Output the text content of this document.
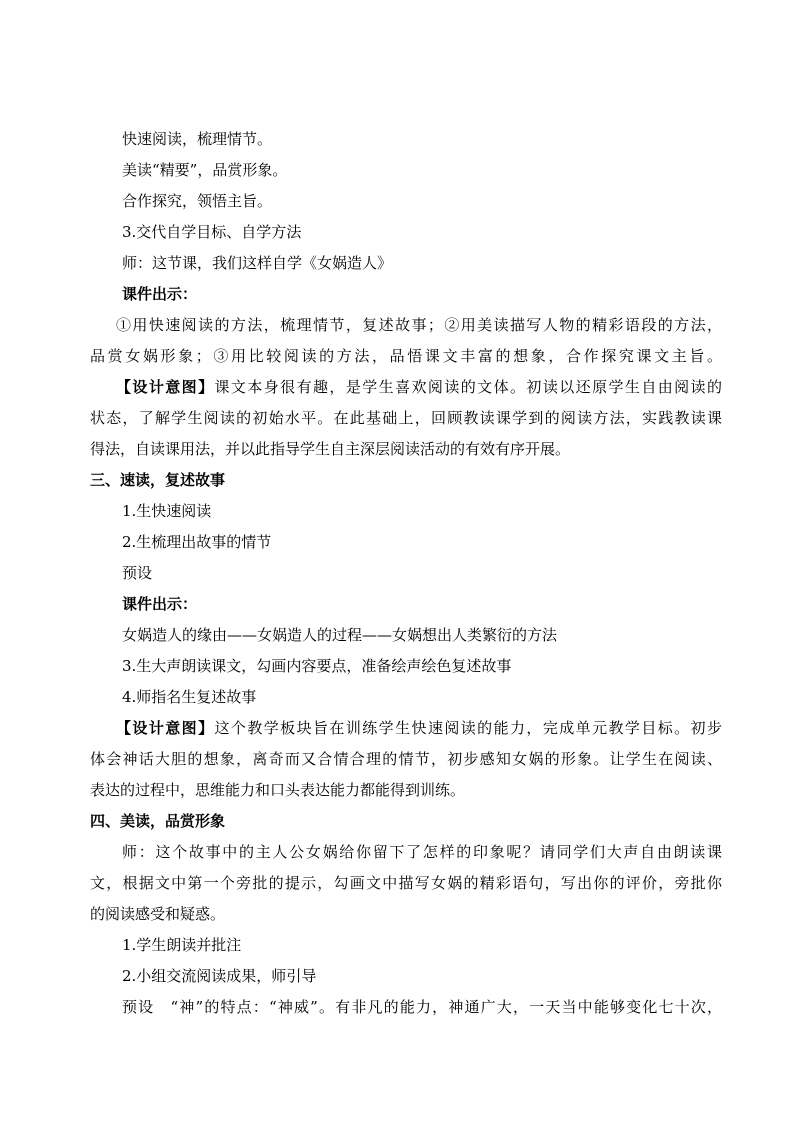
快速阅读，梳理情节。
美读“精要”，品赏形象。
合作探究，领悟主旨。
3.交代自学目标、自学方法
师：这节课，我们这样自学《女娲造人》
课件出示：
①用快速阅读的方法，梳理情节，复述故事；②用美读描写人物的精彩语段的方法，
品赏女娲形象；③用比较阅读的方法，品悟课文丰富的想象，合作探究课文主旨。
【设计意图】课文本身很有趣，是学生喜欢阅读的文体。初读以还原学生自由阅读的
状态，了解学生阅读的初始水平。在此基础上，回顾教读课学到的阅读方法，实践教读课
得法，自读课用法，并以此指导学生自主深层阅读活动的有效有序开展。
三、速读，复述故事
1.生快速阅读
2.生梳理出故事的情节
预设
课件出示：
女娲造人的缘由——女娲造人的过程——女娲想出人类繁衍的方法
3.生大声朗读课文，勾画内容要点，准备绘声绘色复述故事
4.师指名生复述故事
【设计意图】这个教学板块旨在训练学生快速阅读的能力，完成单元教学目标。初步
体会神话大胆的想象，离奇而又合情合理的情节，初步感知女娲的形象。让学生在阅读、
表达的过程中，思维能力和口头表达能力都能得到训练。
四、美读，品赏形象
师：这个故事中的主人公女娲给你留下了怎样的印象呢？请同学们大声自由朗读课
文，根据文中第一个旁批的提示，勾画文中描写女娲的精彩语句，写出你的评价，旁批你
的阅读感受和疑惑。
1.学生朗读并批注
2.小组交流阅读成果，师引导
预设　“神”的特点：“神威”。有非凡的能力，神通广大，一天当中能够变化七十次，
